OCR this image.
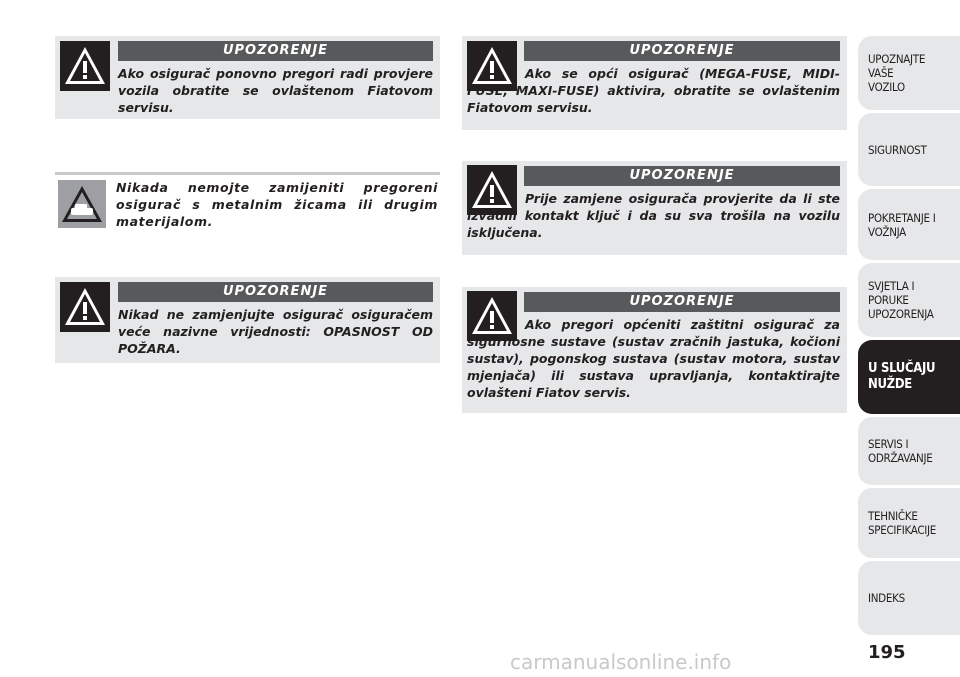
UPOZORENJE

Ako osigurač ponovno pregori radi provjere vozila obratite se ovlaštenom Fiatovom servisu.

Nikada nemojte zamijeniti pregoreni osigurač s metalnim žicama ili drugim materijalom.

UPOZORENJE

Nikad ne zamjenjujte osigurač osiguračem veće nazivne vrijednosti: OPASNOST OD POŽARA.

UPOZORENJE

Ako se opći osigurač (MEGA-FUSE, MIDI-FUSE, MAXI-FUSE) aktivira, obratite se ovlaštenim Fiatovom servisu.

UPOZORENJE

Prije zamjene osigurača provjerite da li ste izvadili kontakt ključ i da su sva trošila na vozilu isključena.

UPOZORENJE

Ako pregori općeniti zaštitni osigurač za sigurnosne sustave (sustav zračnih jastuka, kočioni sustav), pogonskog sustava (sustav motora, sustav mjenjača) ili sustava upravljanja, kontaktirajte ovlašteni Fiatov servis.

UPOZNAJTE VAŠE VOZILO
SIGURNOST
POKRETANJE I VOŽNJA
SVJETLA I PORUKE UPOZORENJA
U SLUČAJU NUŽDE
SERVIS I ODRŽAVANJE
TEHNIČKE SPECIFIKACIJE
INDEKS
195
carmanualsonline.info
